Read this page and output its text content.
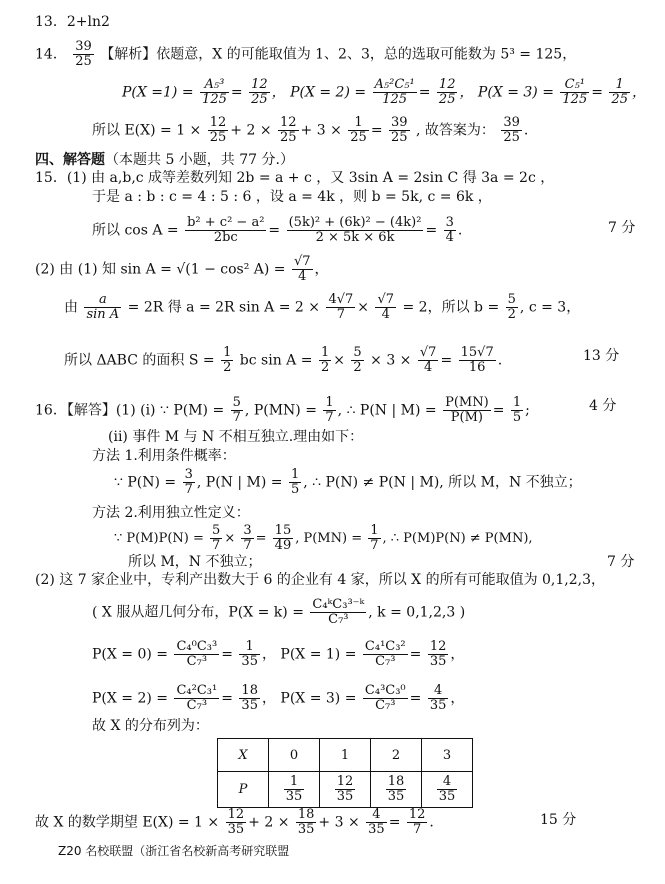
13．2+ln2
14． $\frac{39}{25}$ 【解析】依题意，X 的可能取值为 1、2、3，总的选取可能数为 5³ = 125，
$P(X =1) = \frac{\text{A₅³}}{125} = \frac{12}{25}$ ， $P(X = 2) = \frac{\text{A₅²C₅¹}}{125} = \frac{12}{25}$ ， $P(X = 3) = \frac{\text{C₅¹}}{125} = \frac{1}{25}$ ，
所以 $E(X) = 1 \times \frac{12}{25} + 2 \times \frac{12}{25} + 3 \times \frac{1}{25} = \frac{39}{25}$ , 故答案为： $\frac{39}{25}$ .
四、解答题（本题共 5 小题，共 77 分.）
15．(1) 由 a,b,c 成等差数列知 2b = a + c ，又 3sin A = 2sin C 得 3a = 2c ，
于是 a : b : c = 4 : 5 : 6 ，设 a = 4k ，则 b = 5k, c = 6k ，
所以 $\cos A = \frac{\text{b² + c² − a²}}{2bc} = \frac{\text{(5k)² + (6k)² − (4k)²}}{2 \times 5k \times 6k} = \frac{3}{4}$ .	7 分
(2) 由 (1) 知 sin A = √(1 − cos² $A) = \frac{√7}{4}$ ，
由 $\frac{a}{\text{sin A}} = 2R$ 得 a = 2R $\sin A = 2 \times \frac{4√7}{7} \times \frac{√7}{4} = 2$，所以 $b = \frac{5}{2}$ , c = 3，
所以 ΔABC 的面积 $S = \frac{1}{2}$ bc $\sin A = \frac{1}{2} \times \frac{5}{2} \times 3 \times \frac{√7}{4} = \frac{15√7}{16}$ .	13 分
16．【解答】(1) (i) ∵ $P(M) = \frac{5}{7}$ , $P(MN) = \frac{1}{7}$ , ∴ P(N | $M) = \frac{P(MN)}{P(M)} = \frac{1}{5}$ ;	4 分
(ii) 事件 M 与 N 不相互独立.理由如下：
方法 1.利用条件概率：
∵ $P(N) = \frac{3}{7}$ , P(N | $M) = \frac{1}{5}$ , ∴ P(N) ≠ P(N | M), 所以 M，N 不独立；
方法 2.利用独立性定义：
∵ $P(M)P(N) = \frac{5}{7} \times \frac{3}{7} = \frac{15}{49}$ , $P(MN) = \frac{1}{7}$ , ∴ P(M)P(N) ≠ P(MN),
所以 M，N 不独立；	7 分
(2) 这 7 家企业中，专利产出数大于 6 的企业有 4 家，所以 X 的所有可能取值为 0,1,2,3，
( X 服从超几何分布，$P(X = k) = \frac{\text{C₄ᵏC₃³⁻ᵏ}}{\text{C₇³}}$ , k = 0,1,2,3 )
$P(X = 0) = \frac{\text{C₄⁰C₃³}}{\text{C₇³}} = \frac{1}{35}$ ， $P(X = 1) = \frac{\text{C₄¹C₃²}}{\text{C₇³}} = \frac{12}{35}$ ，
$P(X = 2) = \frac{\text{C₄²C₃¹}}{\text{C₇³}} = \frac{18}{35}$ ， $P(X = 3) = \frac{\text{C₄³C₃⁰}}{\text{C₇³}} = \frac{4}{35}$ ，
故 X 的分布列为：
X	0	1	2	3
P	$\frac{1}{35}$	$\frac{12}{35}$	$\frac{18}{35}$	$\frac{4}{35}$
故 X 的数学期望 $E(X) = 1 \times \frac{12}{35} + 2 \times \frac{18}{35} + 3 \times \frac{4}{35} = \frac{12}{7}$ .	15 分
Z20 名校联盟（浙江省名校新高考研究联盟
